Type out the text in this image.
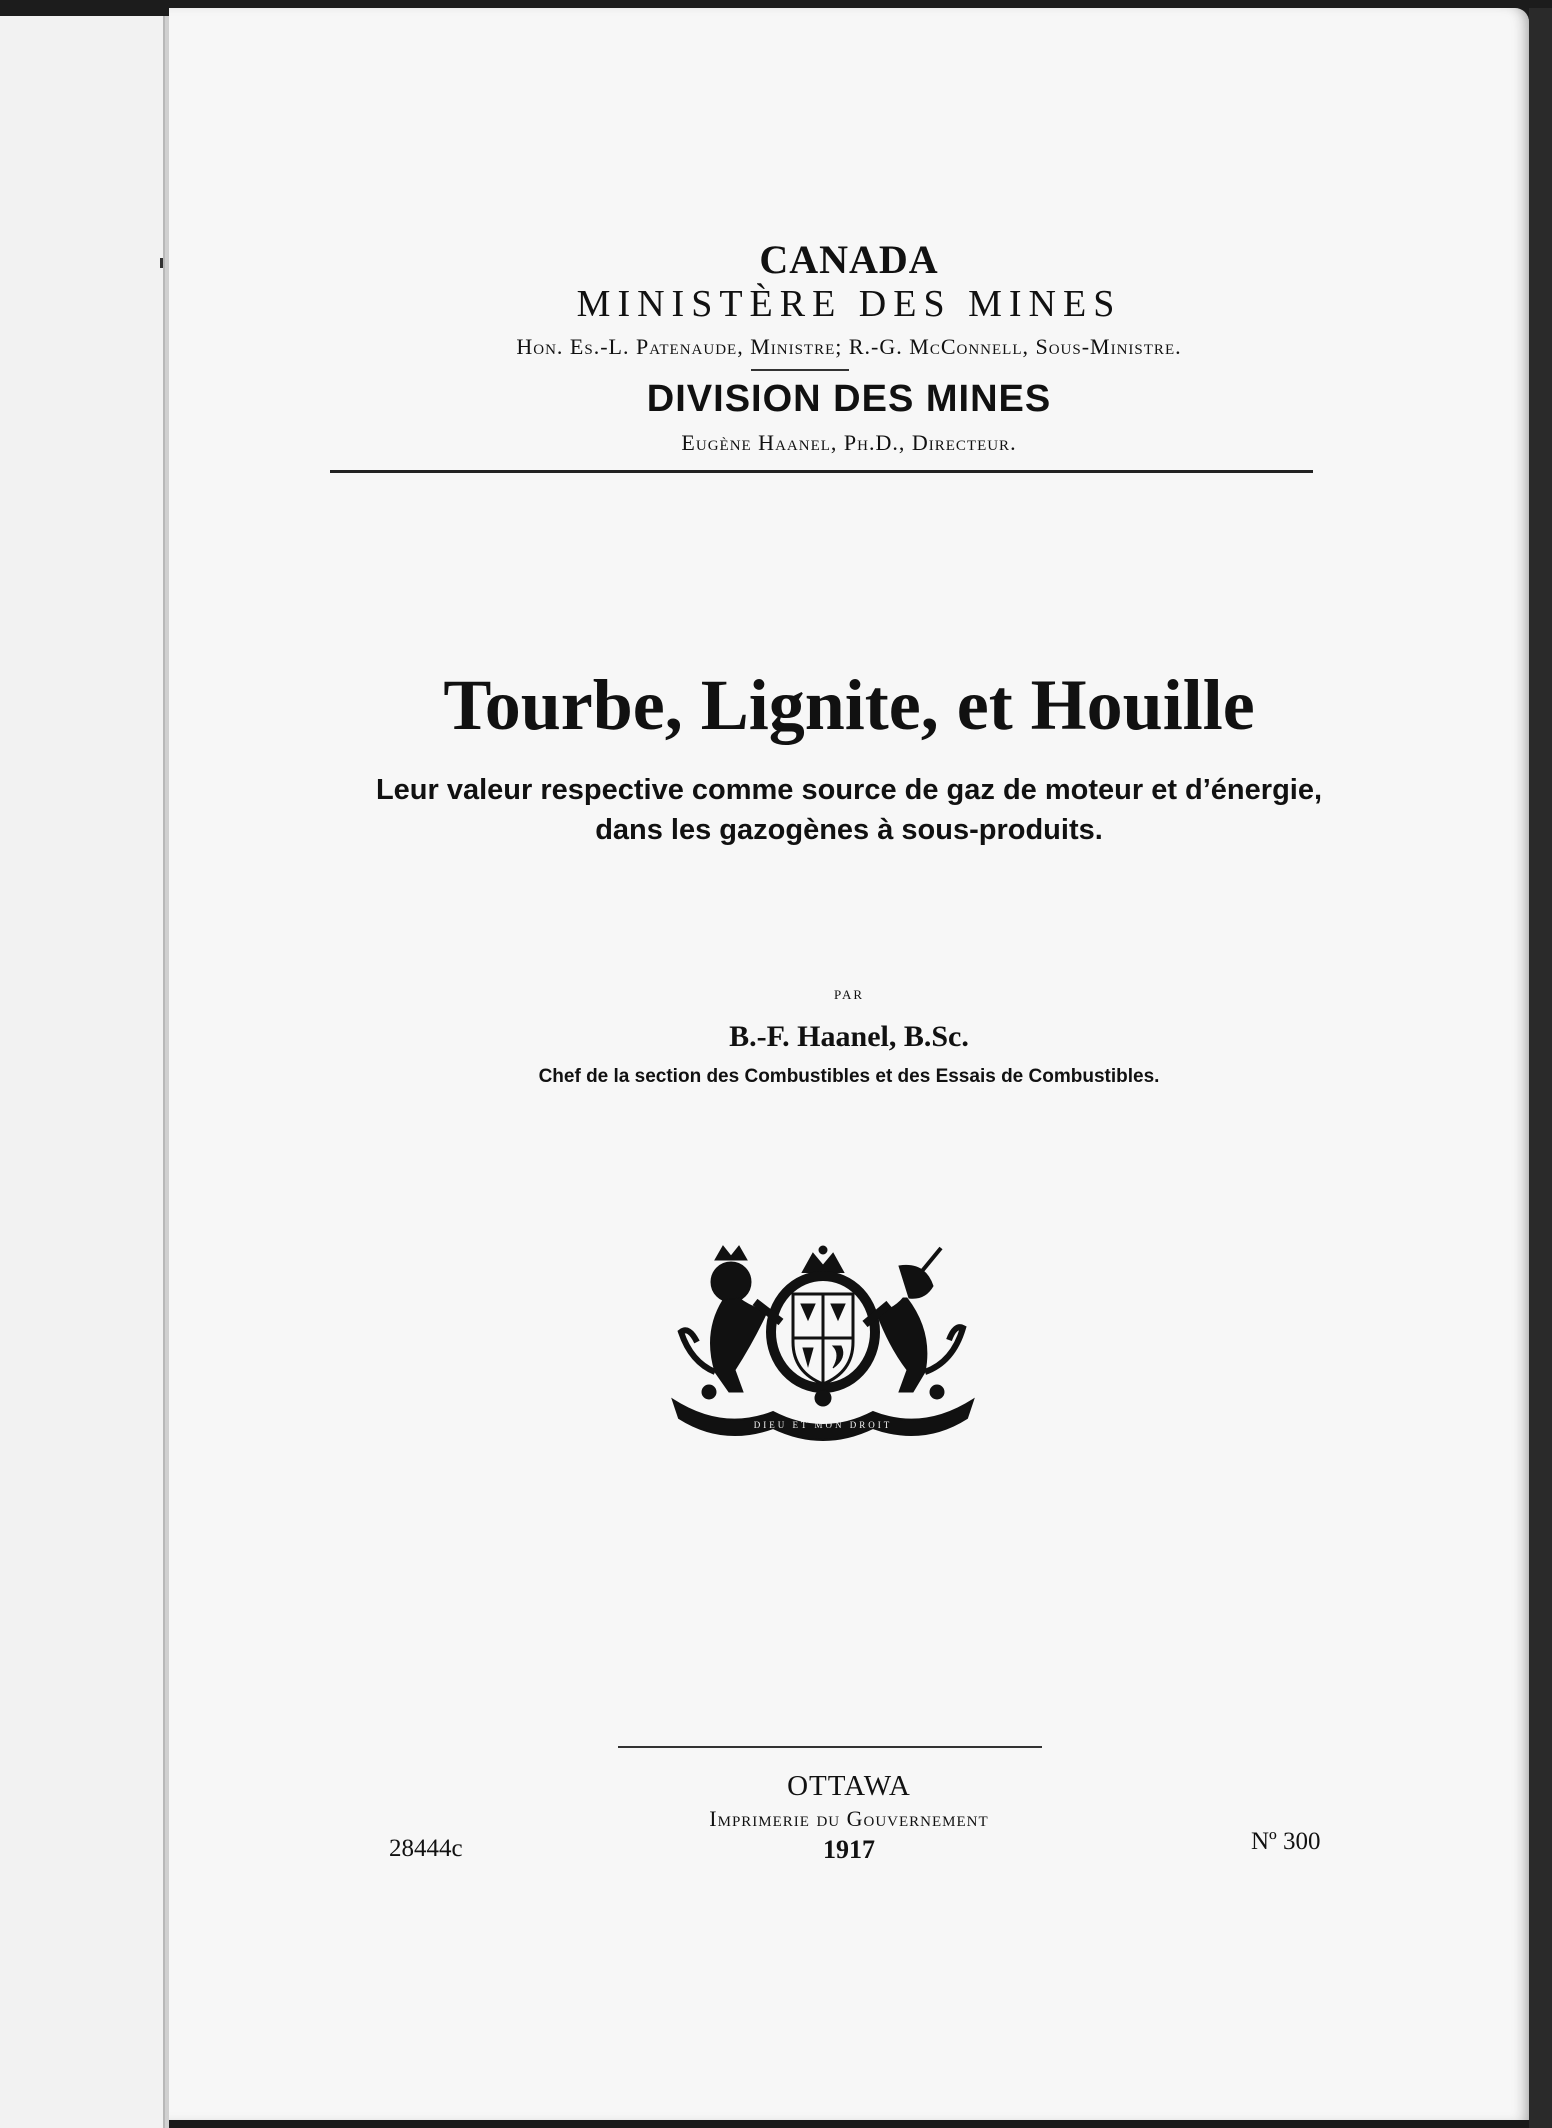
CANADA
MINISTÈRE DES MINES
Hon. Es.-L. Patenaude, Ministre; R.-G. McConnell, Sous-Ministre.
DIVISION DES MINES
Eugène Haanel, Ph.D., Directeur.
Tourbe, Lignite, et Houille
Leur valeur respective comme source de gaz de moteur et d’énergie, dans les gazogènes à sous-produits.
par
B.-F. Haanel, B.Sc.
Chef de la section des Combustibles et des Essais de Combustibles.
DIEU ET MON DROIT
OTTAWA
Imprimerie du Gouvernement
1917
28444c	Nº 300
